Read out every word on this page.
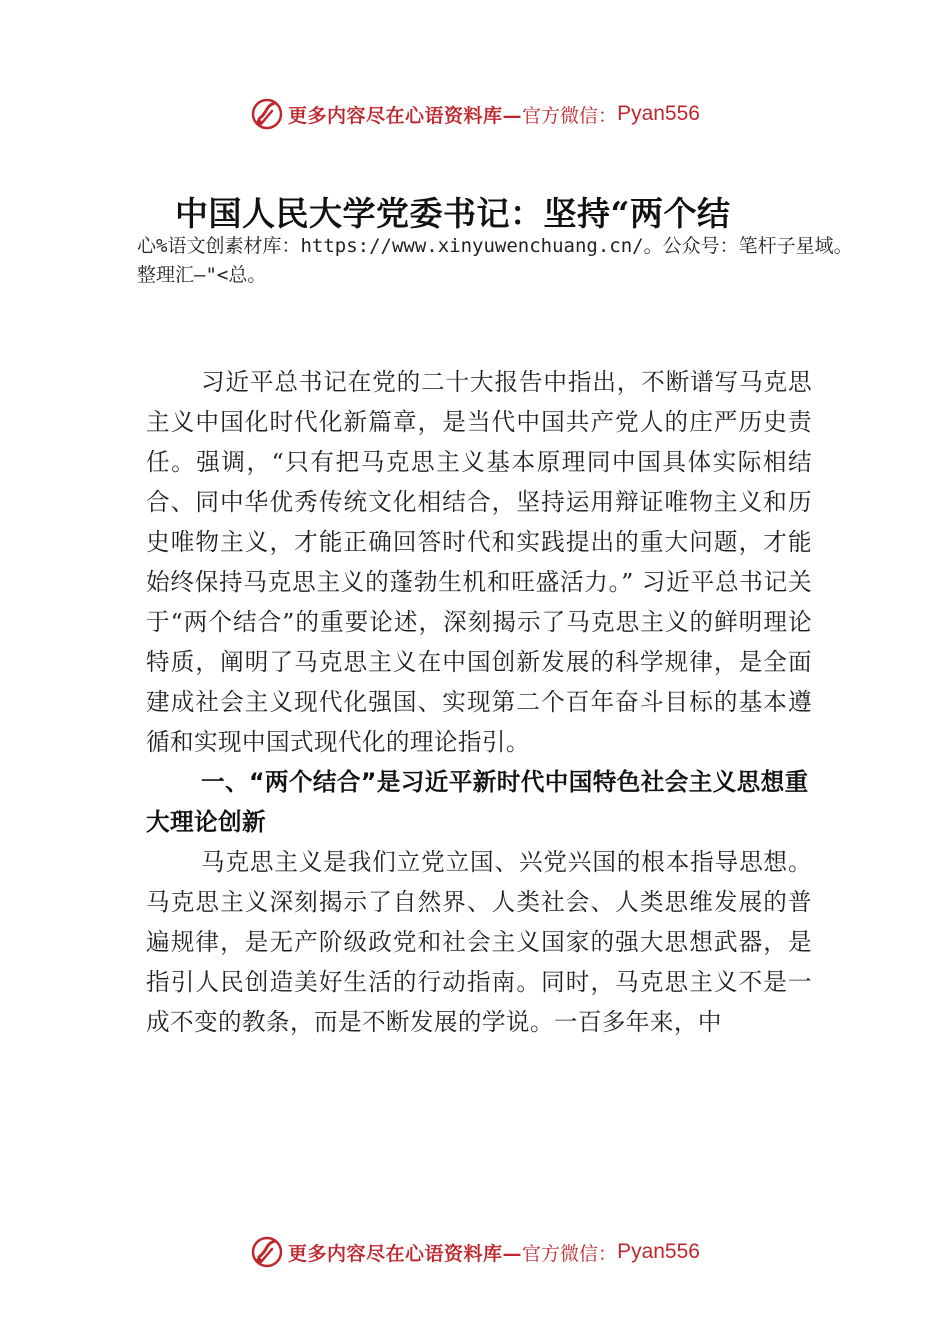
更多内容尽在心语资料库— 官方微信： Pyan556
中国人民大学党委书记：坚持“两个结
心%语文创素材库：https://www.xinyuwenchuang.cn/。公众号：笔杆子星域。整理汇—"<总。
习近平总书记在党的二十大报告中指出，不断谱写马克思主义中国化时代化新篇章，是当代中国共产党人的庄严历史责任。强调，“只有把马克思主义基本原理同中国具体实际相结合、同中华优秀传统文化相结合，坚持运用辩证唯物主义和历史唯物主义，才能正确回答时代和实践提出的重大问题，才能始终保持马克思主义的蓬勃生机和旺盛活力。” 习近平总书记关于“两个结合”的重要论述，深刻揭示了马克思主义的鲜明理论特质，阐明了马克思主义在中国创新发展的科学规律，是全面建成社会主义现代化强国、实现第二个百年奋斗目标的基本遵循和实现中国式现代化的理论指引。
一、“两个结合”是习近平新时代中国特色社会主义思想重大理论创新
马克思主义是我们立党立国、兴党兴国的根本指导思想。马克思主义深刻揭示了自然界、人类社会、人类思维发展的普遍规律，是无产阶级政党和社会主义国家的强大思想武器，是指引人民创造美好生活的行动指南。同时，马克思主义不是一成不变的教条，而是不断发展的学说。一百多年来，中
更多内容尽在心语资料库— 官方微信： Pyan556
